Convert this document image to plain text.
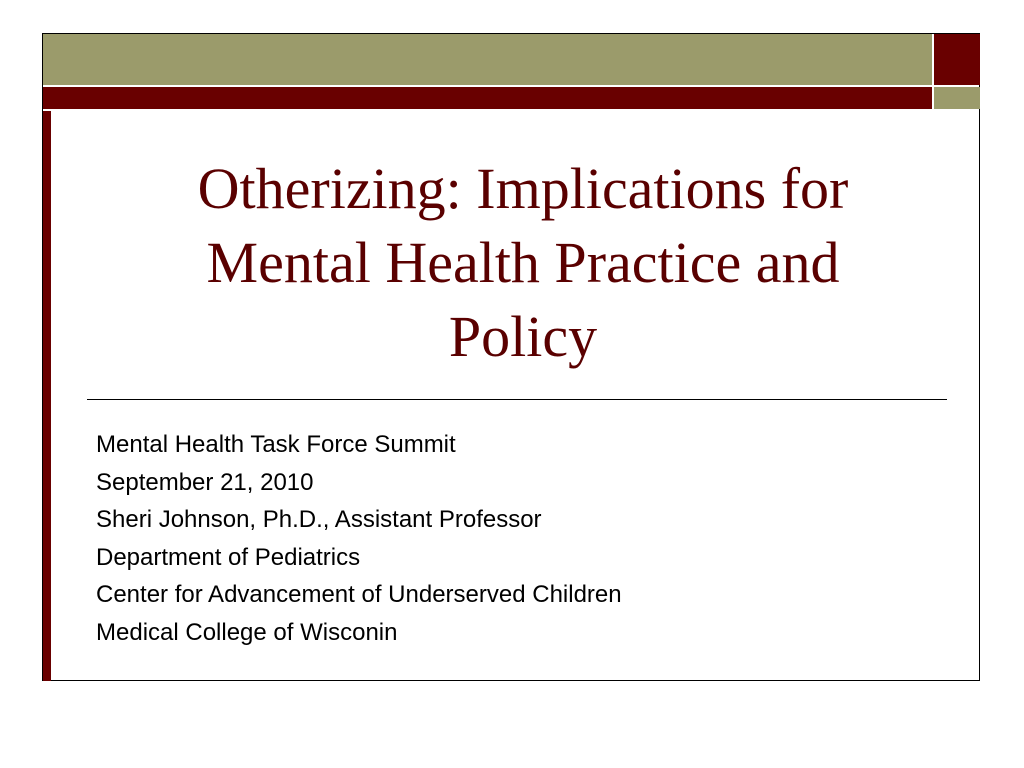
Otherizing: Implications for
Mental Health Practice and
Policy
Mental Health Task Force Summit
September 21, 2010
Sheri Johnson, Ph.D., Assistant Professor
Department of Pediatrics
Center for Advancement of Underserved Children
Medical College of Wisconin
